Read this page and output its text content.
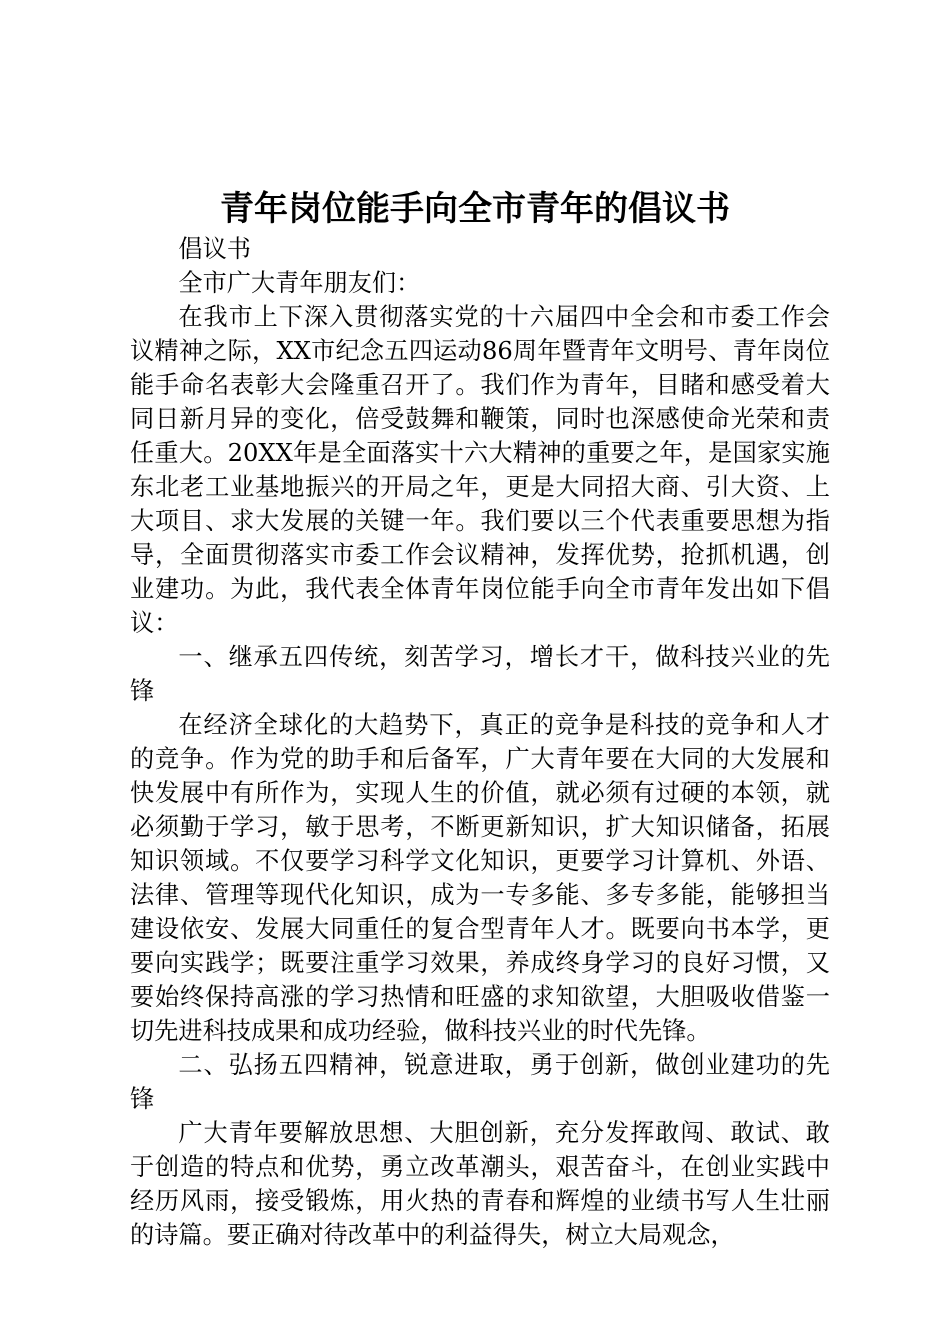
青年岗位能手向全市青年的倡议书

倡议书

全市广大青年朋友们：

在我市上下深入贯彻落实党的十六届四中全会和市委工作会议精神之际，XX市纪念五四运动86周年暨青年文明号、青年岗位能手命名表彰大会隆重召开了。我们作为青年，目睹和感受着大同日新月异的变化，倍受鼓舞和鞭策，同时也深感使命光荣和责任重大。20XX年是全面落实十六大精神的重要之年，是国家实施东北老工业基地振兴的开局之年，更是大同招大商、引大资、上大项目、求大发展的关键一年。我们要以三个代表重要思想为指导，全面贯彻落实市委工作会议精神，发挥优势，抢抓机遇，创业建功。为此，我代表全体青年岗位能手向全市青年发出如下倡议：

一、继承五四传统，刻苦学习，增长才干，做科技兴业的先锋

在经济全球化的大趋势下，真正的竞争是科技的竞争和人才的竞争。作为党的助手和后备军，广大青年要在大同的大发展和快发展中有所作为，实现人生的价值，就必须有过硬的本领，就必须勤于学习，敏于思考，不断更新知识，扩大知识储备，拓展知识领域。不仅要学习科学文化知识，更要学习计算机、外语、法律、管理等现代化知识，成为一专多能、多专多能，能够担当建设依安、发展大同重任的复合型青年人才。既要向书本学，更要向实践学；既要注重学习效果，养成终身学习的良好习惯，又要始终保持高涨的学习热情和旺盛的求知欲望，大胆吸收借鉴一切先进科技成果和成功经验，做科技兴业的时代先锋。

二、弘扬五四精神，锐意进取，勇于创新，做创业建功的先锋

广大青年要解放思想、大胆创新，充分发挥敢闯、敢试、敢于创造的特点和优势，勇立改革潮头，艰苦奋斗，在创业实践中经历风雨，接受锻炼，用火热的青春和辉煌的业绩书写人生壮丽的诗篇。要正确对待改革中的利益得失，树立大局观念，
